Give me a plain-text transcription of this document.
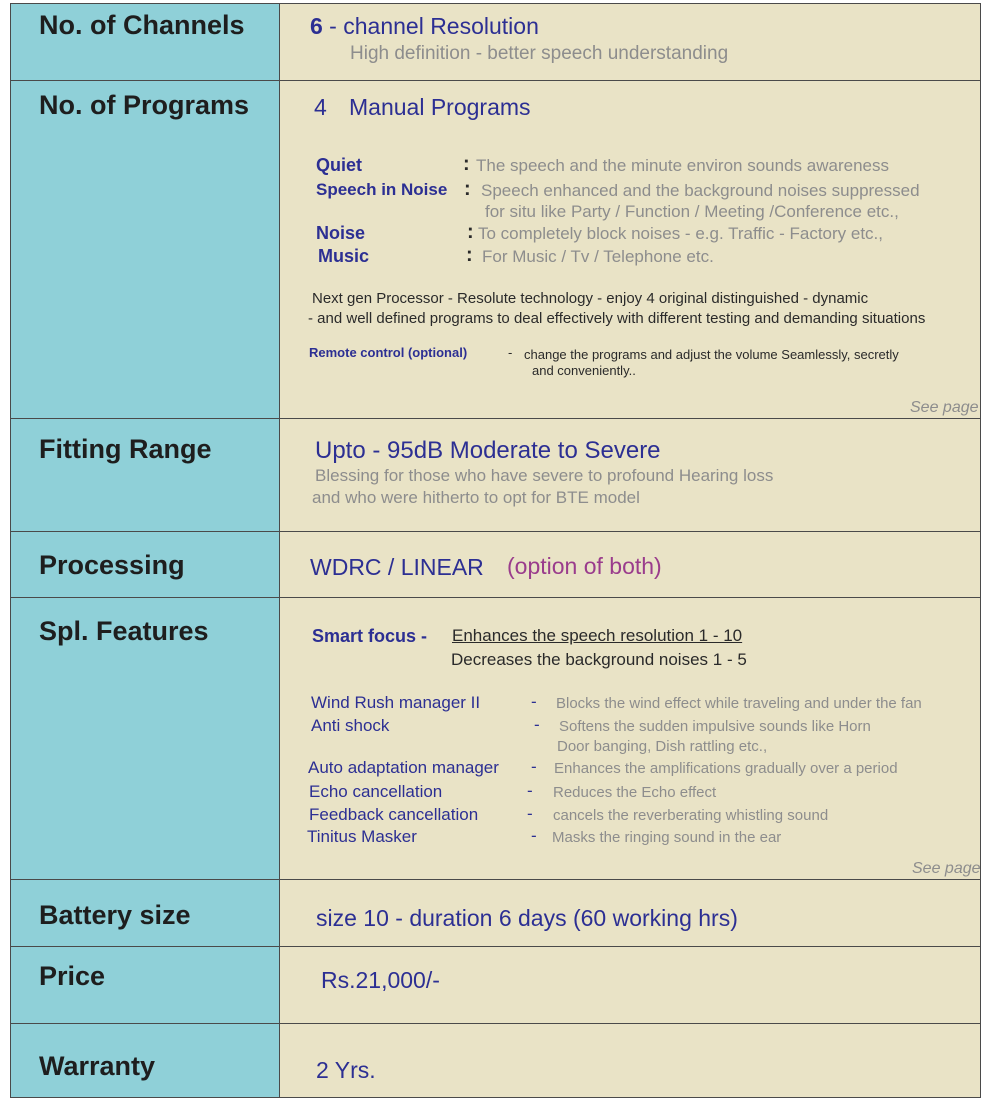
No. of Channels	6 - channel Resolution
High definition - better speech understanding
No. of Programs	4 Manual Programs
Quiet	: The speech and the minute environ sounds awareness
Speech in Noise : Speech enhanced and the background noises suppressed
for situ like Party / Function / Meeting /Conference etc.,
Noise	: To completely block noises - e.g. Traffic - Factory etc.,
Music	: For Music / Tv / Telephone etc.
Next gen Processor - Resolute technology - enjoy 4 original distinguished - dynamic
- and well defined programs to deal effectively with different testing and demanding situations
Remote control (optional)	- change the programs and adjust the volume Seamlessly, secretly
and conveniently..
See page
Fitting Range	Upto - 95dB Moderate to Severe
Blessing for those who have severe to profound Hearing loss
and who were hitherto to opt for BTE model
Processing	WDRC / LINEAR (option of both)
Spl. Features	Smart focus - Enhances the speech resolution 1 - 10
Decreases the background noises 1 - 5
Wind Rush manager II	- Blocks the wind effect while traveling and under the fan
Anti shock	- Softens the sudden impulsive sounds like Horn
Door banging, Dish rattling etc.,
Auto adaptation manager - Enhances the amplifications gradually over a period
Echo cancellation	- Reduces the Echo effect
Feedback cancellation	- cancels the reverberating whistling sound
Tinitus Masker	- Masks the ringing sound in the ear
See page
Battery size	size 10 - duration 6 days (60 working hrs)
Price	Rs.21,000/-
Warranty	2 Yrs.
